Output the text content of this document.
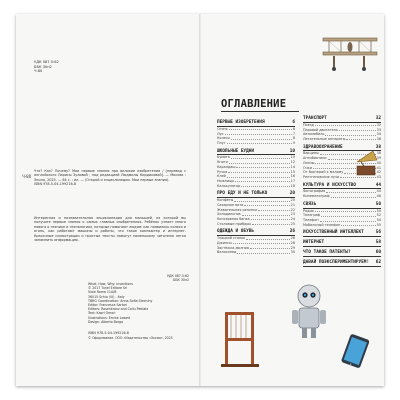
УДК 087.5:62
ББК 30н2
Ч-80
Ч-80
Что? Как? Почему? Мои первые знания про великие изобретения / [перевод с английского Ларисы Зуловой ; под редакцией Людмилы Кирдиковой]. — Москва : Эксмо, 2025. — 64 с. : ил. — (Открой и энциклопедии. Мои первые знания).
ISBN 978-5-04-199216-8
Интересная и познавательная энциклопедия для малышей, из которой вы получите первые знания о самых главных изобретениях. Ребёнок узнает много нового о технике и технологиях, которые помогают людям: как появились колесо и огонь, как работают машины и роботы, что такое компьютер и интернет. Красочные иллюстрации и простые тексты помогут маленькому читателю легко запомнить информацию.
УДК 087.5:62
ББК 30н2
What, How, Why: Inventions
© 2017 Tunel Editore Srl
Viale Roma 11A/B
36015 Schio (VI) - Italy
TBRG Coordination: Anna-Sofia Stechiny
Editor: Francesca Sartori
Editors: Rosenkranz and Collu Pediatz
Text: Kaori Omori
Illustrations: Emine Lowed
Design: Alberto Borgo
ISBN 978-5-04-199216-8
© Офорлмание. ООО «Издательство «Эксмо», 2025
ОГЛАВЛЕНИЕ
ПЕРВЫЕ ИЗОБРЕТЕНИЯ	6
Огонь	6
Лук	7
Колесо	8
Плуг	9
ШКОЛЬНЫЕ БУДНИ	10
Бумага	10
Книги	12
Карандаш	14
Ручка	15
Клей	16
Ножницы	17
Калькулятор	18
ПРО ЕДУ И НЕ ТОЛЬКО	20
Конфеты	20
Сахарное вата	21
Жевательная резинка	22
Холодильник	23
Консервная банка	24
Столовые приборы	25
ОДЕЖДА И ОБУВЬ	26
Ткацкий станок	26
Джинсы	28
Застёжка-молния	29
Велосипед	30
ТРАНСПОРТ	32
Поезд	32
Паровой двигатель	33
Автомобиль	34
Летательные аппараты	36
ЗДРАВООХРАНЕНИЕ	38
Вакцины	38
Антибиотики	39
Линзы	40
Очки	41
От бактерий к малому	42
Рентгеновские лучи	43
КУЛЬТУРА И ИСКУССТВО	44
Фотография	44
Кинематограф	46
СВЯЗЬ	50
Радио	50
Телеграф	52
Телефон	54
Мобильный телефон	55
ИСКУССТВЕННЫЙ ИНТЕЛЛЕКТ	56
ИНТЕРНЕТ	58
ЧТО ТАКОЕ ПАТЕНТЫ?	60
ДАВАЙ ПОЭКСПЕРИМЕНТИРУЕМ! 62
